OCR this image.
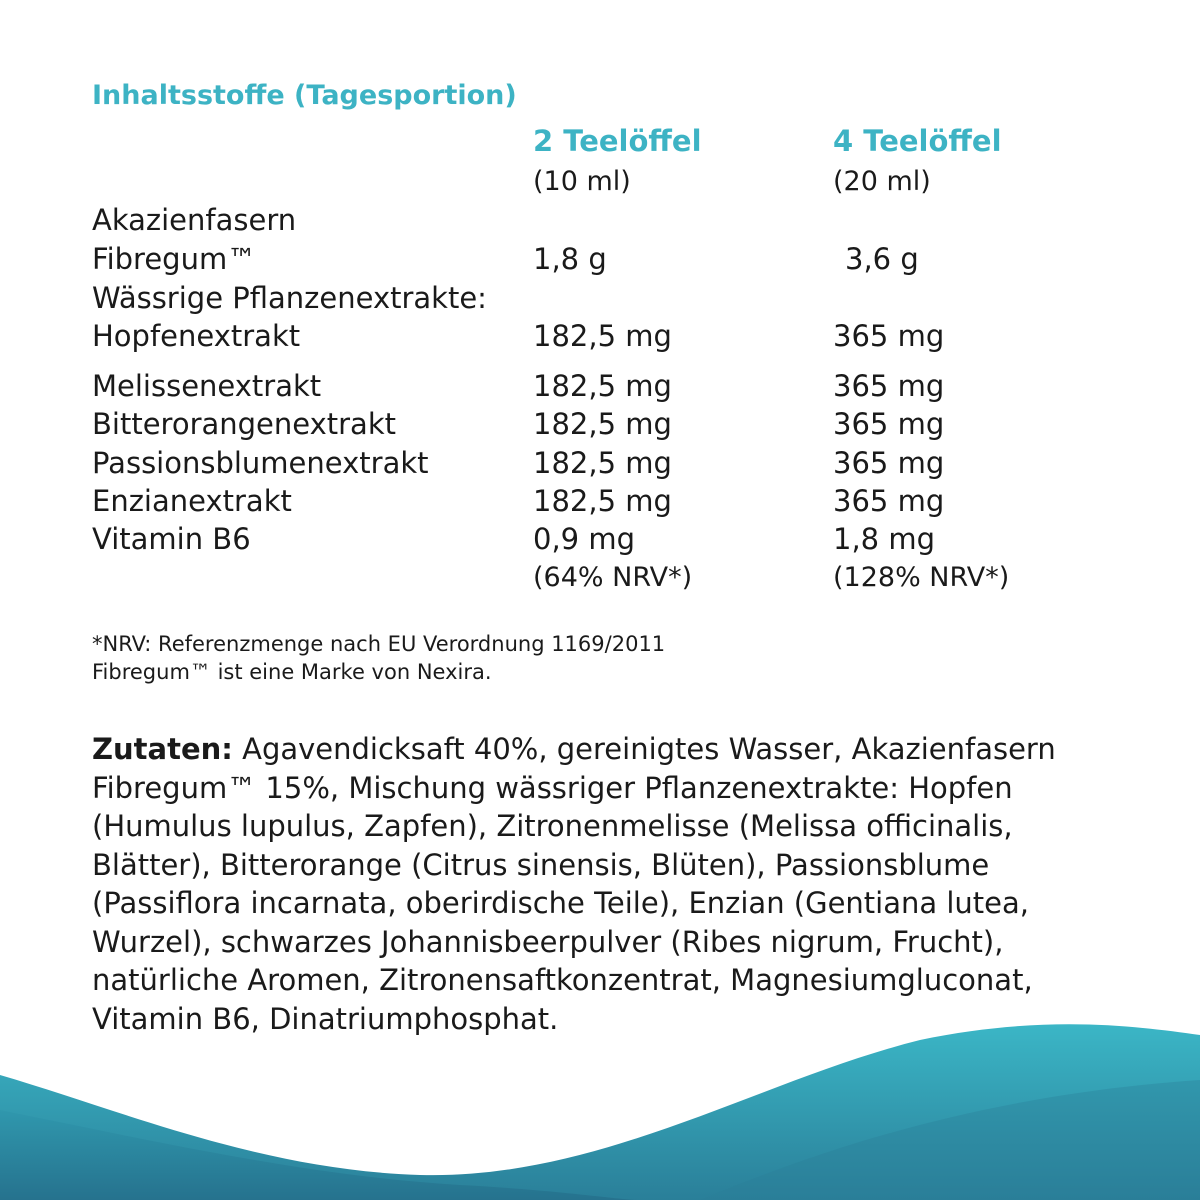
Inhaltsstoffe (Tagesportion)
2 Teelöffel	4 Teelöffel
(10 ml)	(20 ml)
Akazienfasern
Fibregum™	1,8 g	3,6 g
Wässrige Pflanzenextrakte:
Hopfenextrakt	182,5 mg	365 mg
Melissenextrakt	182,5 mg	365 mg
Bitterorangenextrakt	182,5 mg	365 mg
Passionsblumenextrakt	182,5 mg	365 mg
Enzianextrakt	182,5 mg	365 mg
Vitamin B6	0,9 mg	1,8 mg
(64% NRV*)	(128% NRV*)
*NRV: Referenzmenge nach EU Verordnung 1169/2011
Fibregum™ ist eine Marke von Nexira.
Zutaten: Agavendicksaft 40%, gereinigtes Wasser, Akazienfasern Fibregum™ 15%, Mischung wässriger Pflanzenextrakte: Hopfen (Humulus lupulus, Zapfen), Zitronenmelisse (Melissa officinalis, Blätter), Bitterorange (Citrus sinensis, Blüten), Passionsblume (Passiflora incarnata, oberirdische Teile), Enzian (Gentiana lutea, Wurzel), schwarzes Johannisbeerpulver (Ribes nigrum, Frucht), natürliche Aromen, Zitronensaftkonzentrat, Magnesiumgluconat, Vitamin B6, Dinatriumphosphat.
